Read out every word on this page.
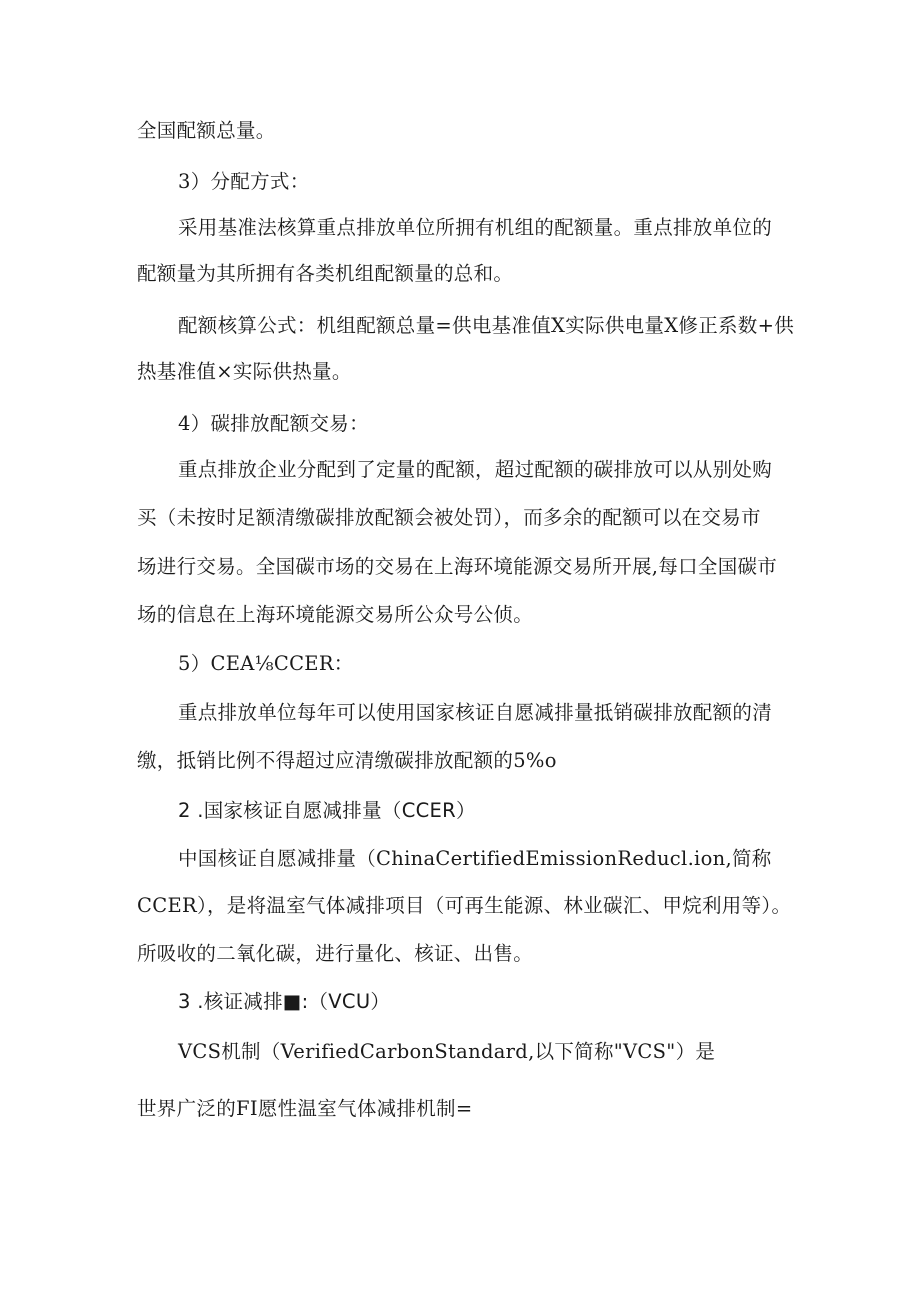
全国配额总量。
3）分配方式：
采用基准法核算重点排放单位所拥有机组的配额量。重点排放单位的
配额量为其所拥有各类机组配额量的总和。
配额核算公式：机组配额总量=供电基准值X实际供电量X修正系数+供
热基准值×实际供热量。
4）碳排放配额交易：
重点排放企业分配到了定量的配额，超过配额的碳排放可以从别处购
买（未按时足额清缴碳排放配额会被处罚），而多余的配额可以在交易市
场进行交易。全国碳市场的交易在上海环境能源交易所开展,每口全国碳市
场的信息在上海环境能源交易所公众号公侦。
5）CEA⅛CCER：
重点排放单位每年可以使用国家核证自愿减排量抵销碳排放配额的清
缴，抵销比例不得超过应清缴碳排放配额的5%o
2 .国家核证自愿减排量（CCER）
中国核证自愿减排量（ChinaCertifiedEmissionReducl.ion,简称
CCER），是将温室气体减排项目（可再生能源、林业碳汇、甲烷利用等）。
所吸收的二氧化碳，进行量化、核证、出售。
3 .核证减排■:（VCU）
VCS机制（VerifiedCarbonStandard,以下简称"VCS"）是
世界广泛的FI愿性温室气体减排机制=
